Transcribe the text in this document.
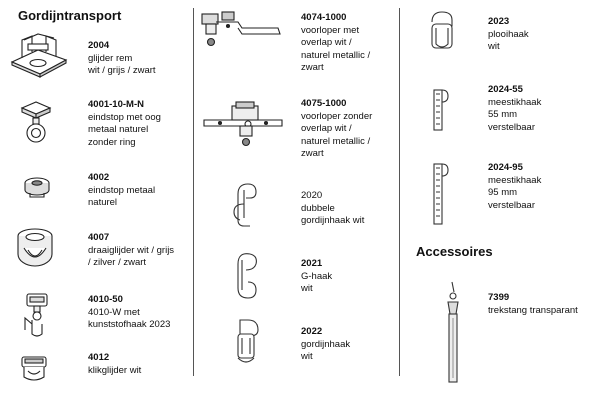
Gordijntransport
Accessoires
2004
glijder rem
wit / grijs / zwart
4001-10-M-N
eindstop met oog
metaal naturel
zonder ring
4002
eindstop metaal
naturel
4007
draaiglijder wit / grijs
/ zilver / zwart
4010-50
4010-W met
kunststofhaak 2023
4012
klikglijder wit
4074-1000
voorloper met
overlap wit /
naturel metallic /
zwart
4075-1000
voorloper zonder
overlap wit /
naturel metallic /
zwart
2020
dubbele
gordijnhaak wit
2021
G-haak
wit
2022
gordijnhaak
wit
2023
plooihaak
wit
2024-55
meestikhaak
55 mm
verstelbaar
2024-95
meestikhaak
95 mm
verstelbaar
7399
trekstang transparant
